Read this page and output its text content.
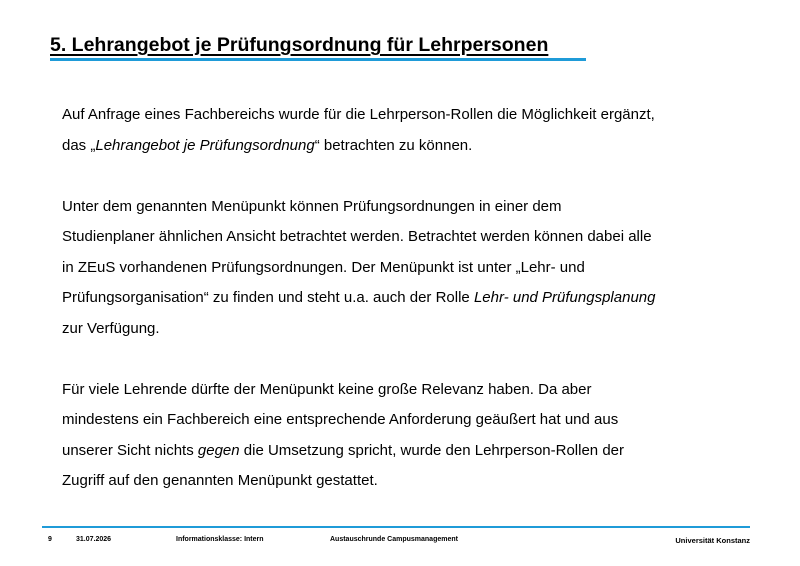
5. Lehrangebot je Prüfungsordnung für Lehrpersonen

Auf Anfrage eines Fachbereichs wurde für die Lehrperson-Rollen die Möglichkeit ergänzt,
das „Lehrangebot je Prüfungsordnung“ betrachten zu können.

Unter dem genannten Menüpunkt können Prüfungsordnungen in einer dem
Studienplaner ähnlichen Ansicht betrachtet werden. Betrachtet werden können dabei alle
in ZEuS vorhandenen Prüfungsordnungen. Der Menüpunkt ist unter „Lehr- und
Prüfungsorganisation“ zu finden und steht u.a. auch der Rolle Lehr- und Prüfungsplanung
zur Verfügung.

Für viele Lehrende dürfte der Menüpunkt keine große Relevanz haben. Da aber
mindestens ein Fachbereich eine entsprechende Anforderung geäußert hat und aus
unserer Sicht nichts gegen die Umsetzung spricht, wurde den Lehrperson-Rollen der
Zugriff auf den genannten Menüpunkt gestattet.

9	31.07.2026	Informationsklasse: Intern	Austauschrunde Campusmanagement	Universität Konstanz
